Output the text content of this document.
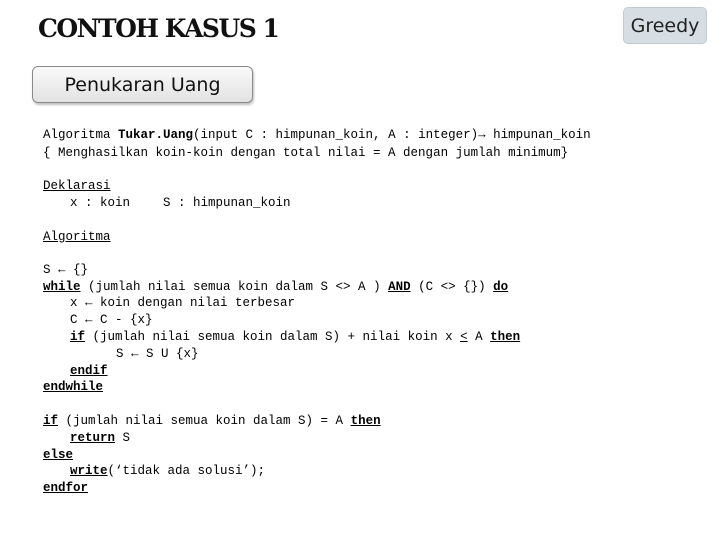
CONTOH KASUS 1	Greedy
Penukaran Uang
Algoritma Tukar.Uang(input C : himpunan_koin, A : integer)→ himpunan_koin
{ Menghasilkan koin-koin dengan total nilai = A dengan jumlah minimum}
Deklarasi
x : koin	S : himpunan_koin
Algoritma
S ← {}
while (jumlah nilai semua koin dalam S <> A ) AND (C <> {}) do
x ← koin dengan nilai terbesar
C ← C - {x}
if (jumlah nilai semua koin dalam S) + nilai koin x < A then
S ← S U {x}
endif
endwhile
if (jumlah nilai semua koin dalam S) = A then
return S
else
write(‘tidak ada solusi’);
endfor
